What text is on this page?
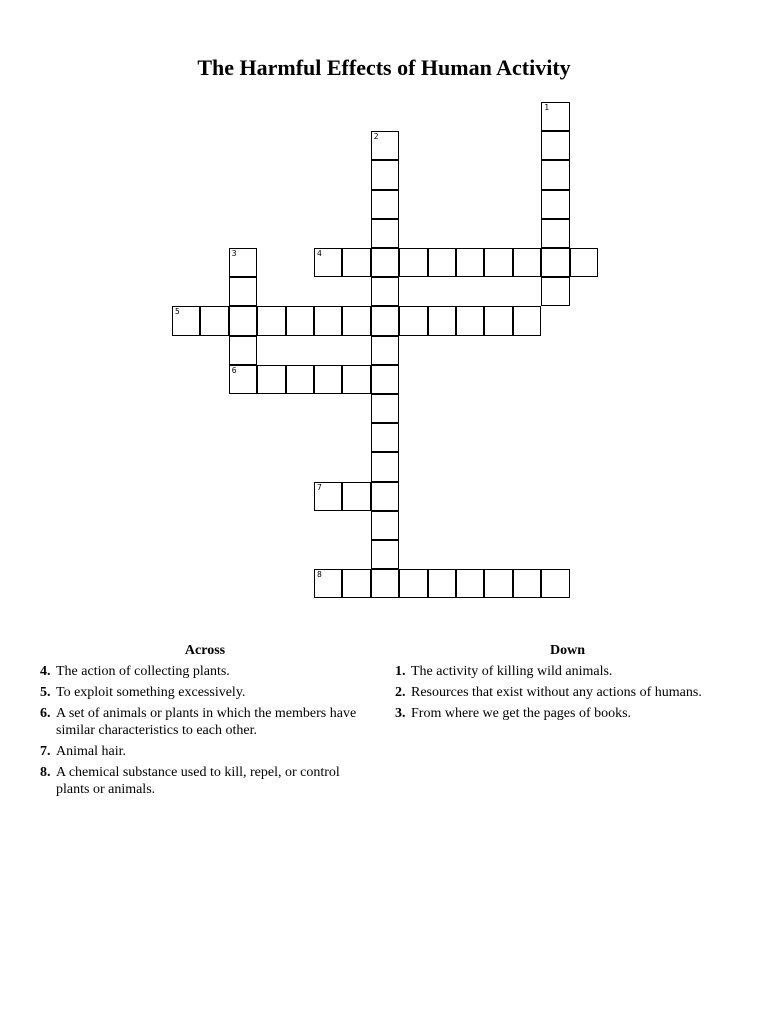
The Harmful Effects of Human Activity
1
2
3
6
4
5
7
8
Across
4. The action of collecting plants.
5. To exploit something excessively.
6. A set of animals or plants in which the members have similar characteristics to each other.
7. Animal hair.
8. A chemical substance used to kill, repel, or control plants or animals.
Down
1. The activity of killing wild animals.
2. Resources that exist without any actions of humans.
3. From where we get the pages of books.
